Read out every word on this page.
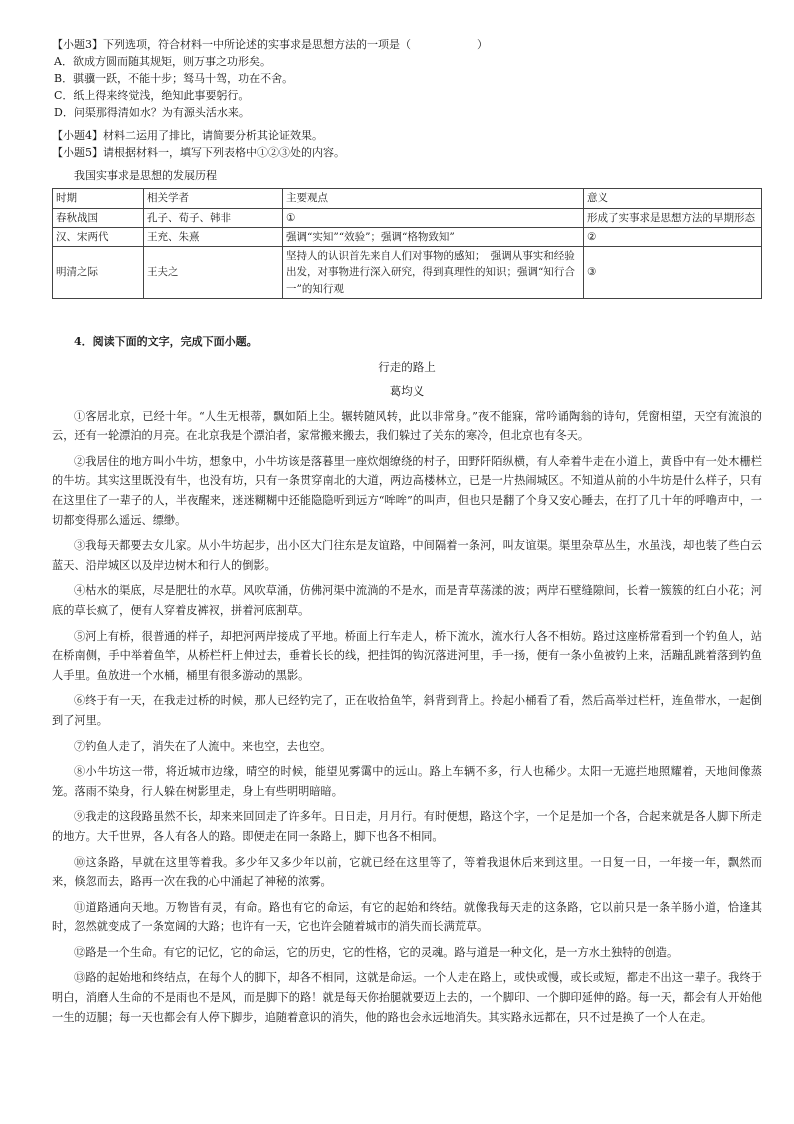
【小题3】下列选项，符合材料一中所论述的实事求是思想方法的一项是（　　　　　　）

A．欲成方圆而随其规矩，则万事之功形矣。

B．骐骥一跃，不能十步；驽马十驾，功在不舍。

C．纸上得来终觉浅，绝知此事要躬行。

D．问渠那得清如水？为有源头活水来。

【小题4】材料二运用了排比，请简要分析其论证效果。

【小题5】请根据材料一，填写下列表格中①②③处的内容。

我国实事求是思想的发展历程
时期	相关学者	主要观点	意义
春秋战国	孔子、荀子、韩非	①	形成了实事求是思想方法的早期形态
汉、宋两代	王充、朱熹	强调“实知”“效验”；强调“格物致知”	②
明清之际	王夫之	坚持人的认识首先来自人们对事物的感知；　强调从事实和经验出发，对事物进行深入研究，得到真理性的知识；强调“知行合一”的知行观	③
4．阅读下面的文字，完成下面小题。
行走的路上
葛均义

①客居北京，已经十年。“人生无根蒂，飘如陌上尘。辗转随风转，此以非常身。”夜不能寐，常吟诵陶翁的诗句，凭窗相望，天空有流浪的云，还有一轮漂泊的月亮。在北京我是个漂泊者，家常搬来搬去，我们躲过了关东的寒冷，但北京也有冬天。

②我居住的地方叫小牛坊，想象中，小牛坊该是落暮里一座炊烟缭绕的村子，田野阡陌纵横，有人牵着牛走在小道上，黄昏中有一处木栅栏的牛坊。其实这里既没有牛，也没有坊，只有一条贯穿南北的大道，两边高楼林立，已是一片热闹城区。不知道从前的小牛坊是什么样子，只有在这里住了一辈子的人，半夜醒来，迷迷糊糊中还能隐隐听到远方“哞哞”的叫声，但也只是翻了个身又安心睡去，在打了几十年的呼噜声中，一切都变得那么遥远、缥缈。

③我每天都要去女儿家。从小牛坊起步，出小区大门往东是友谊路，中间隔着一条河，叫友谊渠。渠里杂草丛生，水虽浅，却也装了些白云蓝天、沿岸城区以及岸边树木和行人的倒影。

④枯水的渠底，尽是肥壮的水草。风吹草涌，仿佛河渠中流淌的不是水，而是青草荡漾的波；两岸石壁缝隙间，长着一簇簇的红白小花；河底的草长疯了，便有人穿着皮裤衩，拼着河底割草。

⑤河上有桥，很普通的样子，却把河两岸接成了平地。桥面上行车走人，桥下流水，流水行人各不相妨。路过这座桥常看到一个钓鱼人，站在桥南侧，手中举着鱼竿，从桥栏杆上伸过去，垂着长长的线，把挂饵的钩沉落进河里，手一扬，便有一条小鱼被钓上来，活蹦乱跳着落到钓鱼人手里。鱼放进一个水桶，桶里有很多游动的黑影。

⑥终于有一天，在我走过桥的时候，那人已经钓完了，正在收拾鱼竿，斜背到背上。拎起小桶看了看，然后高举过栏杆，连鱼带水，一起倒到了河里。

⑦钓鱼人走了，消失在了人流中。来也空，去也空。

⑧小牛坊这一带，将近城市边缘，晴空的时候，能望见雾霭中的远山。路上车辆不多，行人也稀少。太阳一无遮拦地照耀着，天地间像蒸笼。落雨不染身，行人躲在树影里走，身上有些明明暗暗。

⑨我走的这段路虽然不长，却来来回回走了许多年。日日走，月月行。有时便想，路这个字，一个足是加一个各，合起来就是各人脚下所走的地方。大千世界，各人有各人的路。即便走在同一条路上，脚下也各不相同。

⑩这条路，早就在这里等着我。多少年又多少年以前，它就已经在这里等了，等着我退休后来到这里。一日复一日，一年接一年，飘然而来，倏忽而去，路再一次在我的心中涌起了神秘的浓雾。

⑪道路通向天地。万物皆有灵，有命。路也有它的命运，有它的起始和终结。就像我每天走的这条路，它以前只是一条羊肠小道，恰逢其时，忽然就变成了一条宽阔的大路；也许有一天，它也许会随着城市的消失而长满荒草。

⑫路是一个生命。有它的记忆，它的命运，它的历史，它的性格，它的灵魂。路与道是一种文化，是一方水土独特的创造。

⑬路的起始地和终结点，在每个人的脚下，却各不相同，这就是命运。一个人走在路上，或快或慢，或长或短，都走不出这一辈子。我终于明白，消磨人生命的不是雨也不是风，而是脚下的路！就是每天你抬腿就要迈上去的，一个脚印、一个脚印延伸的路。每一天，都会有人开始他一生的迈腿；每一天也都会有人停下脚步，追随着意识的消失，他的路也会永远地消失。其实路永远都在，只不过是换了一个人在走。
